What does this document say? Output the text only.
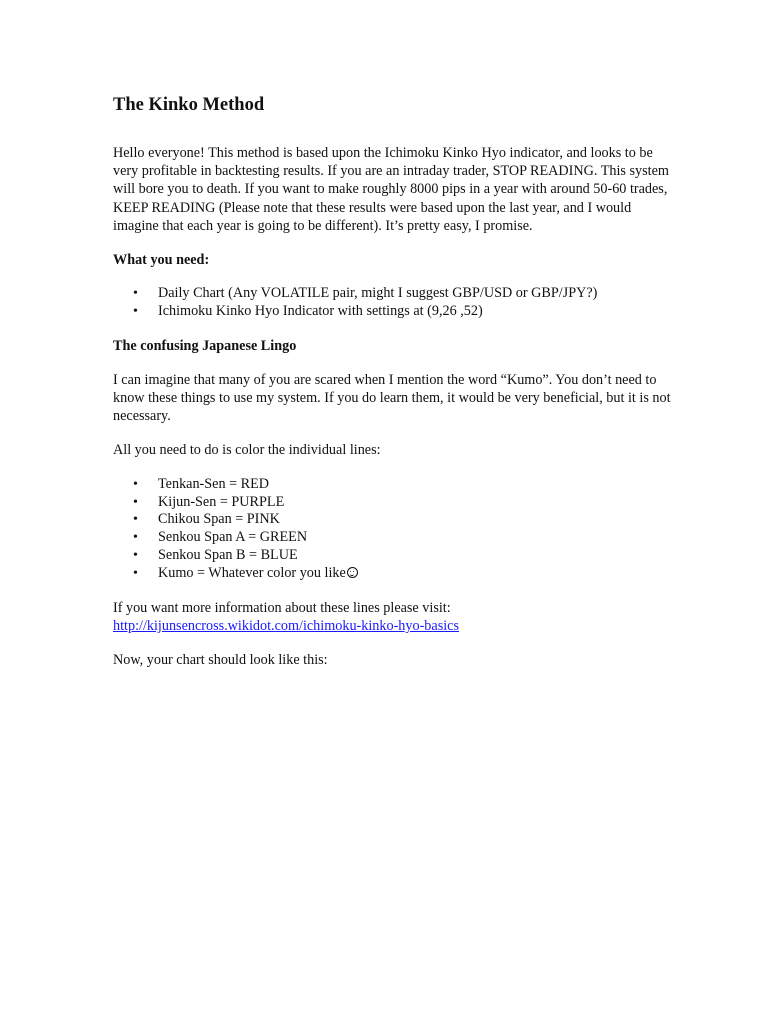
The Kinko Method

Hello everyone! This method is based upon the Ichimoku Kinko Hyo indicator, and looks to be very profitable in backtesting results. If you are an intraday trader, STOP READING. This system will bore you to death. If you want to make roughly 8000 pips in a year with around 50-60 trades, KEEP READING (Please note that these results were based upon the last year, and I would imagine that each year is going to be different). It’s pretty easy, I promise.

What you need:
• Daily Chart (Any VOLATILE pair, might I suggest GBP/USD or GBP/JPY?)
• Ichimoku Kinko Hyo Indicator with settings at (9,26 ,52)
The confusing Japanese Lingo

I can imagine that many of you are scared when I mention the word “Kumo”. You don’t need to know these things to use my system. If you do learn them, it would be very beneficial, but it is not necessary.

All you need to do is color the individual lines:

• Tenkan-Sen = RED
• Kijun-Sen = PURPLE
• Chikou Span = PINK
• Senkou Span A = GREEN
• Senkou Span B = BLUE
• Kumo = Whatever color you like

If you want more information about these lines please visit:

http://kijunsencross.wikidot.com/ichimoku-kinko-hyo-basics

Now, your chart should look like this:
